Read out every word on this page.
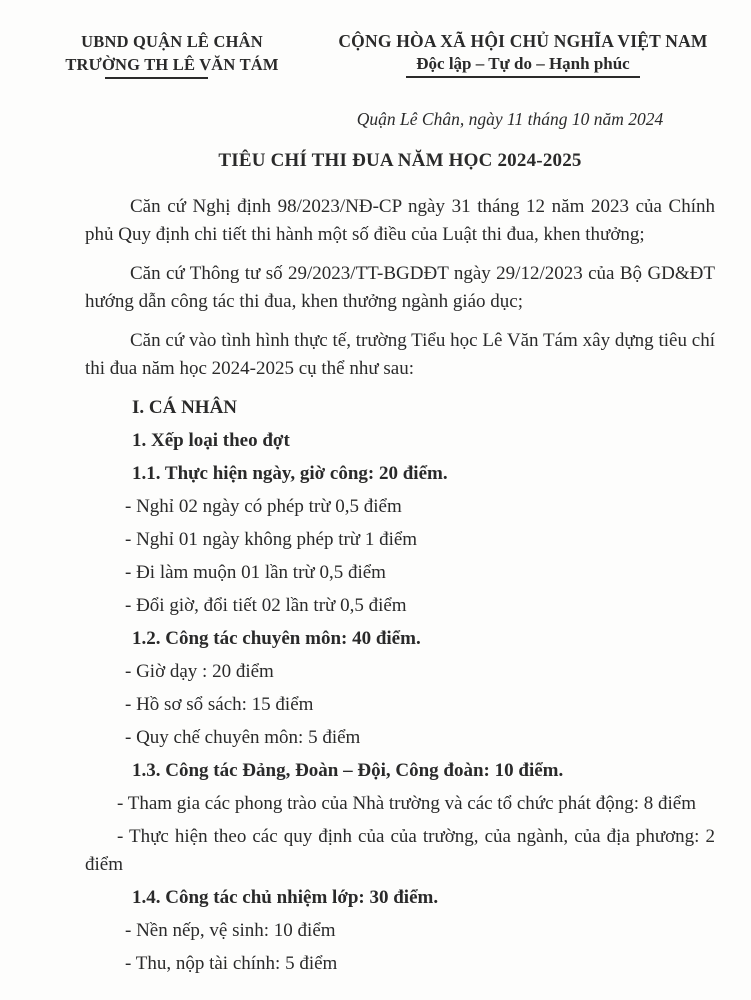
UBND QUẬN LÊ CHÂN
TRƯỜNG TH LÊ VĂN TÁM
CỘNG HÒA XÃ HỘI CHỦ NGHĨA VIỆT NAM
Độc lập – Tự do – Hạnh phúc
Quận Lê Chân, ngày 11 tháng 10 năm 2024
TIÊU CHÍ THI ĐUA NĂM HỌC 2024-2025

Căn cứ Nghị định 98/2023/NĐ-CP ngày 31 tháng 12 năm 2023 của Chính phủ Quy định chi tiết thi hành một số điều của Luật thi đua, khen thưởng;

Căn cứ Thông tư số 29/2023/TT-BGDĐT ngày 29/12/2023 của Bộ GD&ĐT hướng dẫn công tác thi đua, khen thưởng ngành giáo dục;

Căn cứ vào tình hình thực tế, trường Tiểu học Lê Văn Tám xây dựng tiêu chí thi đua năm học 2024-2025 cụ thể như sau:

I. CÁ NHÂN
1. Xếp loại theo đợt
1.1. Thực hiện ngày, giờ công: 20 điểm.
- Nghỉ 02 ngày có phép trừ 0,5 điểm
- Nghỉ 01 ngày không phép trừ 1 điểm
- Đi làm muộn 01 lần trừ 0,5 điểm
- Đổi giờ, đổi tiết 02 lần trừ 0,5 điểm
1.2. Công tác chuyên môn: 40 điểm.
- Giờ dạy : 20 điểm
- Hồ sơ sổ sách: 15 điểm
- Quy chế chuyên môn: 5 điểm
1.3. Công tác Đảng, Đoàn – Đội, Công đoàn: 10 điểm.
- Tham gia các phong trào của Nhà trường và các tổ chức phát động: 8 điểm
- Thực hiện theo các quy định của của trường, của ngành, của địa phương: 2 điểm
1.4. Công tác chủ nhiệm lớp: 30 điểm.
- Nền nếp, vệ sinh: 10 điểm
- Thu, nộp tài chính: 5 điểm
